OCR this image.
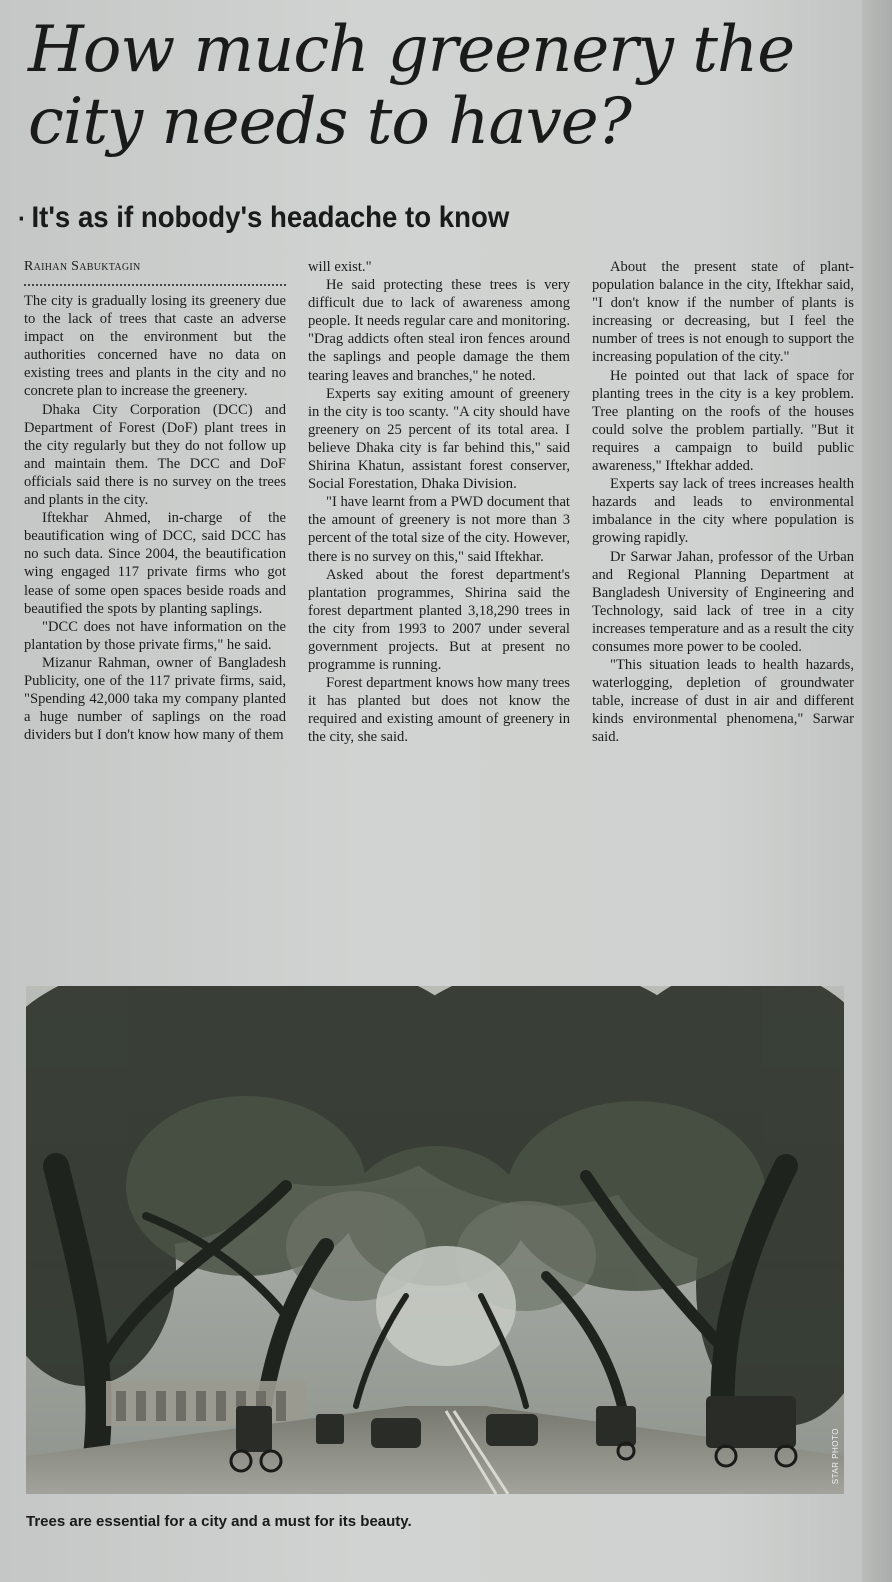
How much greenery the city needs to have?
· It's as if nobody's headache to know
Raihan Sabuktagin

The city is gradually losing its greenery due to the lack of trees that caste an adverse impact on the environment but the authorities concerned have no data on existing trees and plants in the city and no concrete plan to increase the greenery.

Dhaka City Corporation (DCC) and Department of Forest (DoF) plant trees in the city regularly but they do not follow up and maintain them. The DCC and DoF officials said there is no survey on the trees and plants in the city.

Iftekhar Ahmed, in-charge of the beautification wing of DCC, said DCC has no such data. Since 2004, the beautification wing engaged 117 private firms who got lease of some open spaces beside roads and beautified the spots by planting saplings.

"DCC does not have information on the plantation by those private firms," he said.

Mizanur Rahman, owner of Bangladesh Publicity, one of the 117 private firms, said, "Spending 42,000 taka my company planted a huge number of saplings on the road dividers but I don't know how many of them

will exist."

He said protecting these trees is very difficult due to lack of awareness among people. It needs regular care and monitoring. "Drag addicts often steal iron fences around the saplings and people damage the them tearing leaves and branches," he noted.

Experts say exiting amount of greenery in the city is too scanty. "A city should have greenery on 25 percent of its total area. I believe Dhaka city is far behind this," said Shirina Khatun, assistant forest conserver, Social Forestation, Dhaka Division.

"I have learnt from a PWD document that the amount of greenery is not more than 3 percent of the total size of the city. However, there is no survey on this," said Iftekhar.

Asked about the forest department's plantation programmes, Shirina said the forest department planted 3,18,290 trees in the city from 1993 to 2007 under several government projects. But at present no programme is running.

Forest department knows how many trees it has planted but does not know the required and existing amount of greenery in the city, she said.

About the present state of plant-population balance in the city, Iftekhar said, "I don't know if the number of plants is increasing or decreasing, but I feel the number of trees is not enough to support the increasing population of the city."

He pointed out that lack of space for planting trees in the city is a key problem. Tree planting on the roofs of the houses could solve the problem partially. "But it requires a campaign to build public awareness," Iftekhar added.

Experts say lack of trees increases health hazards and leads to environmental imbalance in the city where population is growing rapidly.

Dr Sarwar Jahan, professor of the Urban and Regional Planning Department at Bangladesh University of Engineering and Technology, said lack of tree in a city increases temperature and as a result the city consumes more power to be cooled.

"This situation leads to health hazards, waterlogging, depletion of groundwater table, increase of dust in air and different kinds environmental phenomena," Sarwar said.

STAR PHOTO
Trees are essential for a city and a must for its beauty.
